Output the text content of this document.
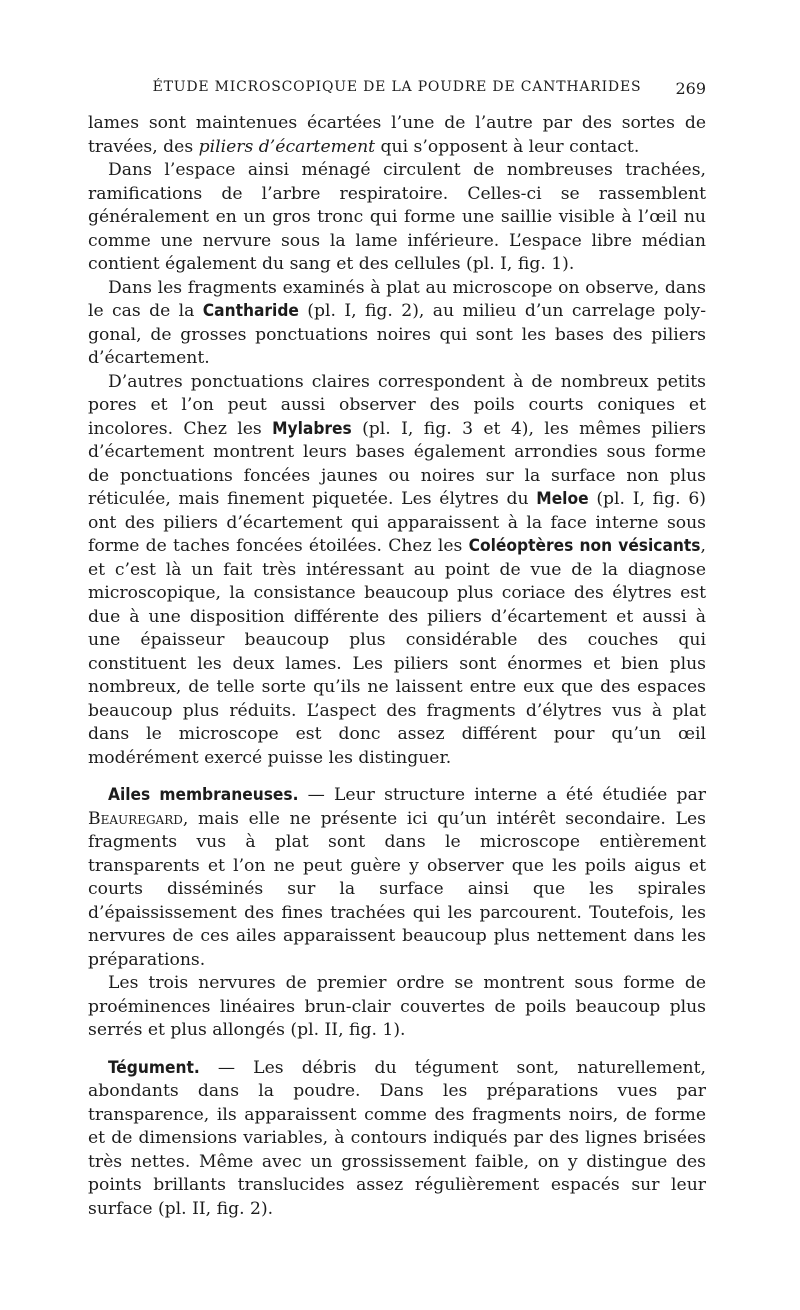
ÉTUDE MICROSCOPIQUE DE LA POUDRE DE CANTHARIDES	269

lames sont maintenues écartées l’une de l’autre par des sortes de travées, des piliers d’écartement qui s’opposent à leur contact.

Dans l’espace ainsi ménagé circulent de nombreuses trachées, ramifications de l’arbre respiratoire. Celles-ci se rassemblent généralement en un gros tronc qui forme une saillie visible à l’œil nu comme une nervure sous la lame inférieure. L’espace libre médian contient également du sang et des cellules (pl. I, fig. 1).

Dans les fragments examinés à plat au microscope on observe, dans le cas de la Cantharide (pl. I, fig. 2), au milieu d’un carrelage polygonal, de grosses ponctuations noires qui sont les bases des piliers d’écartement.

D’autres ponctuations claires correspondent à de nombreux petits pores et l’on peut aussi observer des poils courts coniques et incolores. Chez les Mylabres (pl. I, fig. 3 et 4), les mêmes piliers d’écartement montrent leurs bases également arrondies sous forme de ponctuations foncées jaunes ou noires sur la surface non plus réticulée, mais finement piquetée. Les élytres du Meloe (pl. I, fig. 6) ont des piliers d’écartement qui apparaissent à la face interne sous forme de taches foncées étoilées. Chez les Coléoptères non vésicants, et c’est là un fait très intéressant au point de vue de la diagnose microscopique, la consistance beaucoup plus coriace des élytres est due à une disposition différente des piliers d’écartement et aussi à une épaisseur beaucoup plus considérable des couches qui constituent les deux lames. Les piliers sont énormes et bien plus nombreux, de telle sorte qu’ils ne laissent entre eux que des espaces beaucoup plus réduits. L’aspect des fragments d’élytres vus à plat dans le microscope est donc assez différent pour qu’un œil modérément exercé puisse les distinguer.

Ailes membraneuses. — Leur structure interne a été étudiée par Beauregard, mais elle ne présente ici qu’un intérêt secondaire. Les fragments vus à plat sont dans le microscope entièrement transparents et l’on ne peut guère y observer que les poils aigus et courts disséminés sur la surface ainsi que les spirales d’épaississement des fines trachées qui les parcourent. Toutefois, les nervures de ces ailes apparaissent beaucoup plus nettement dans les préparations.

Les trois nervures de premier ordre se montrent sous forme de proéminences linéaires brun-clair couvertes de poils beaucoup plus serrés et plus allongés (pl. II, fig. 1).

Tégument. — Les débris du tégument sont, naturellement, abondants dans la poudre. Dans les préparations vues par transparence, ils apparaissent comme des fragments noirs, de forme et de dimensions variables, à contours indiqués par des lignes brisées très nettes. Même avec un grossissement faible, on y distingue des points brillants translucides assez régulièrement espacés sur leur surface (pl. II, fig. 2).
